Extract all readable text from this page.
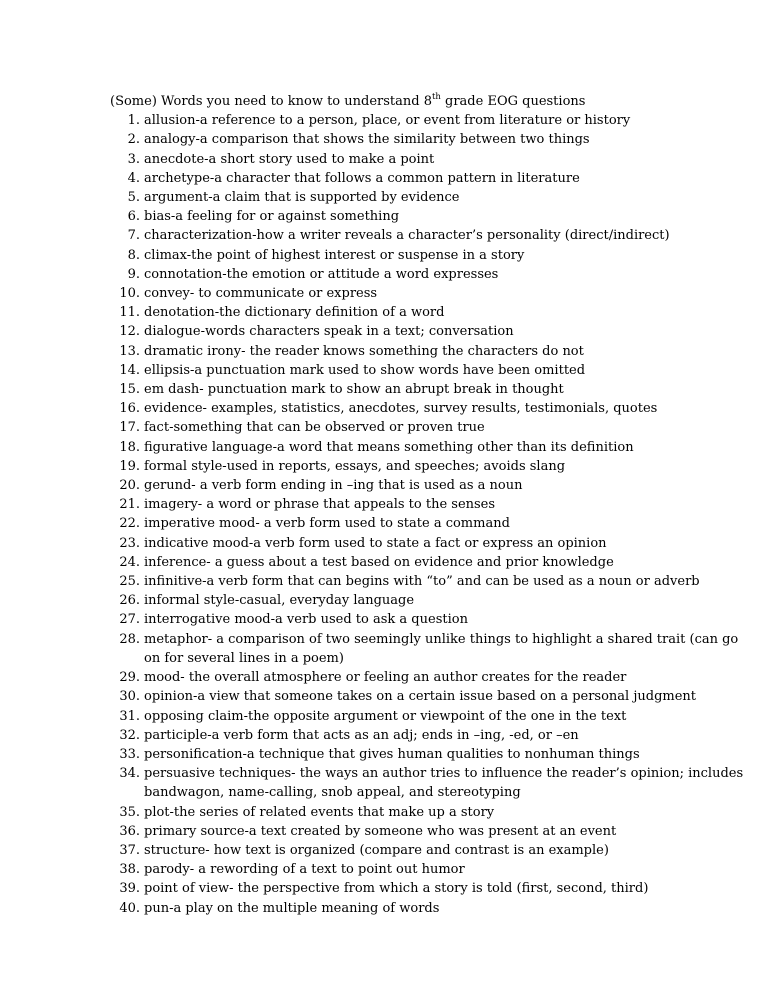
(Some) Words you need to know to understand 8th grade EOG questions

1. allusion-a reference to a person, place, or event from literature or history
2. analogy-a comparison that shows the similarity between two things
3. anecdote-a short story used to make a point
4. archetype-a character that follows a common pattern in literature
5. argument-a claim that is supported by evidence
6. bias-a feeling for or against something
7. characterization-how a writer reveals a character’s personality (direct/indirect)
8. climax-the point of highest interest or suspense in a story
9. connotation-the emotion or attitude a word expresses
10. convey- to communicate or express
11. denotation-the dictionary definition of a word
12. dialogue-words characters speak in a text; conversation
13. dramatic irony- the reader knows something the characters do not
14. ellipsis-a punctuation mark used to show words have been omitted
15. em dash- punctuation mark to show an abrupt break in thought
16. evidence- examples, statistics, anecdotes, survey results, testimonials, quotes
17. fact-something that can be observed or proven true
18. figurative language-a word that means something other than its definition
19. formal style-used in reports, essays, and speeches; avoids slang
20. gerund- a verb form ending in –ing that is used as a noun
21. imagery- a word or phrase that appeals to the senses
22. imperative mood- a verb form used to state a command
23. indicative mood-a verb form used to state a fact or express an opinion
24. inference- a guess about a test based on evidence and prior knowledge
25. infinitive-a verb form that can begins with “to” and can be used as a noun or adverb
26. informal style-casual, everyday language
27. interrogative mood-a verb used to ask a question
28. metaphor- a comparison of two seemingly unlike things to highlight a shared trait (can go on for several lines in a poem)
29. mood- the overall atmosphere or feeling an author creates for the reader
30. opinion-a view that someone takes on a certain issue based on a personal judgment
31. opposing claim-the opposite argument or viewpoint of the one in the text
32. participle-a verb form that acts as an adj; ends in –ing, -ed, or –en
33. personification-a technique that gives human qualities to nonhuman things
34. persuasive techniques- the ways an author tries to influence the reader’s opinion; includes bandwagon, name-calling, snob appeal, and stereotyping
35. plot-the series of related events that make up a story
36. primary source-a text created by someone who was present at an event
37. structure- how text is organized (compare and contrast is an example)
38. parody- a rewording of a text to point out humor
39. point of view- the perspective from which a story is told (first, second, third)
40. pun-a play on the multiple meaning of words
